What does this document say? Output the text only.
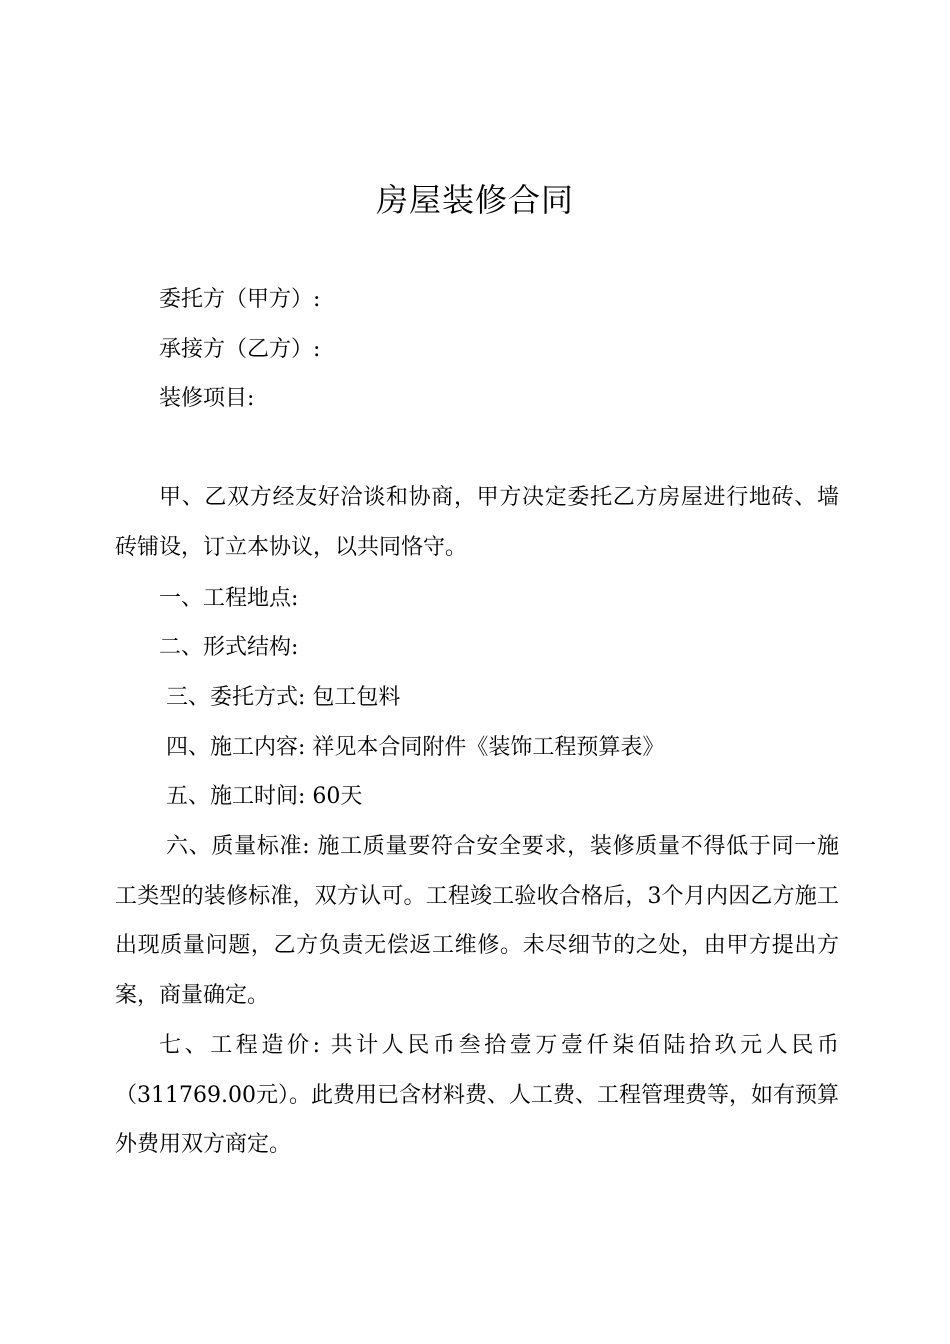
房屋装修合同
委托方（甲方）:
承接方（乙方）:
装修项目:
甲、乙双方经友好洽谈和协商，甲方决定委托乙方房屋进行地砖、墙砖铺设，订立本协议，以共同恪守。
一、工程地点:
二、形式结构:
三、委托方式: 包工包料
四、施工内容: 祥见本合同附件《装饰工程预算表》
五、施工时间: 60天
六、质量标准: 施工质量要符合安全要求，装修质量不得低于同一施工类型的装修标准，双方认可。工程竣工验收合格后，3个月内因乙方施工出现质量问题，乙方负责无偿返工维修。未尽细节的之处，由甲方提出方案，商量确定。
七、工程造价: 共计人民币叁拾壹万壹仟柒佰陆拾玖元人民币（311769.00元）。此费用已含材料费、人工费、工程管理费等，如有预算外费用双方商定。
